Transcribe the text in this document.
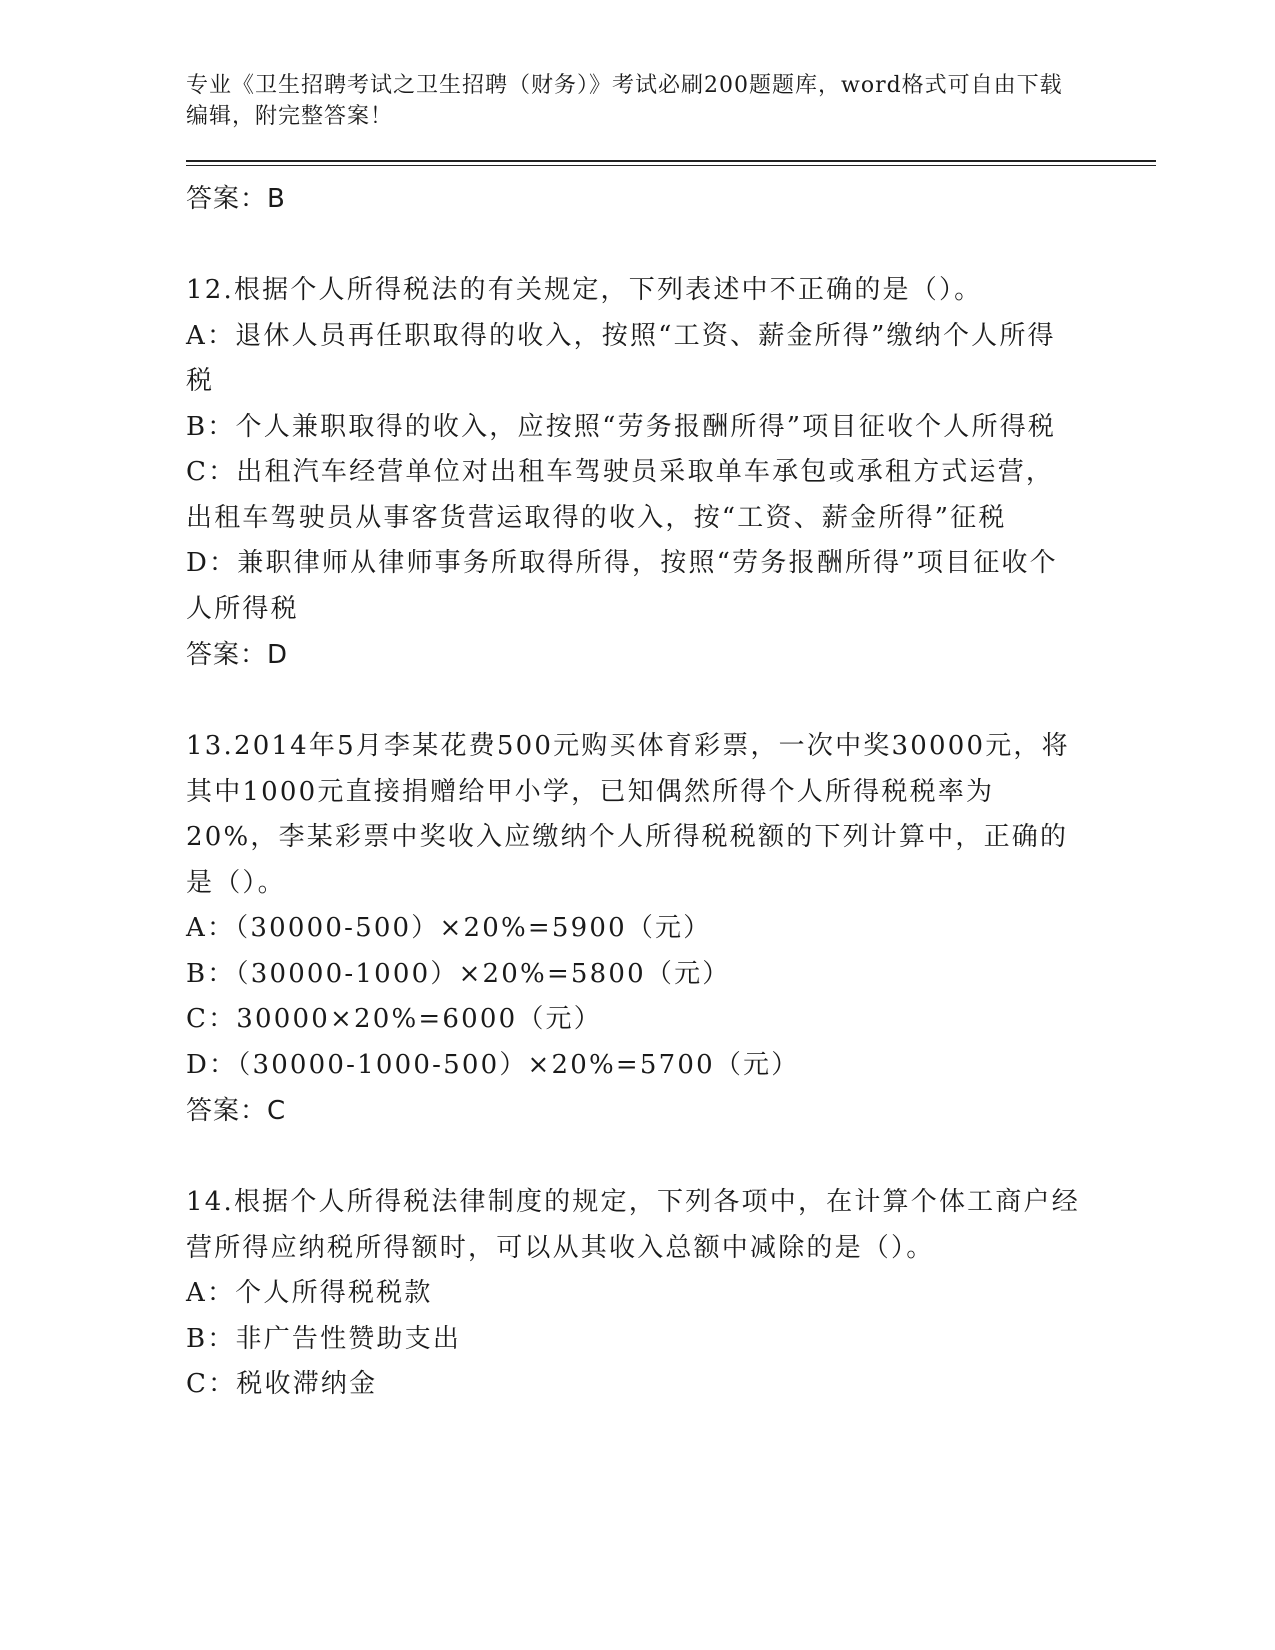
专业《卫生招聘考试之卫生招聘（财务）》考试必刷200题题库，word格式可自由下载编辑，附完整答案！

答案：B

12.根据个人所得税法的有关规定，下列表述中不正确的是（）。

A：退休人员再任职取得的收入，按照“工资、薪金所得”缴纳个人所得税

B：个人兼职取得的收入，应按照“劳务报酬所得”项目征收个人所得税

C：出租汽车经营单位对出租车驾驶员采取单车承包或承租方式运营，出租车驾驶员从事客货营运取得的收入，按“工资、薪金所得”征税

D：兼职律师从律师事务所取得所得，按照“劳务报酬所得”项目征收个人所得税

答案：D

13.2014年5月李某花费500元购买体育彩票，一次中奖30000元，将其中1000元直接捐赠给甲小学，已知偶然所得个人所得税税率为20%，李某彩票中奖收入应缴纳个人所得税税额的下列计算中，正确的是（）。

A：（30000-500）×20%=5900（元）

B：（30000-1000）×20%=5800（元）

C：30000×20%=6000（元）

D：（30000-1000-500）×20%=5700（元）

答案：C

14.根据个人所得税法律制度的规定，下列各项中，在计算个体工商户经营所得应纳税所得额时，可以从其收入总额中减除的是（）。

A：个人所得税税款

B：非广告性赞助支出

C：税收滞纳金
